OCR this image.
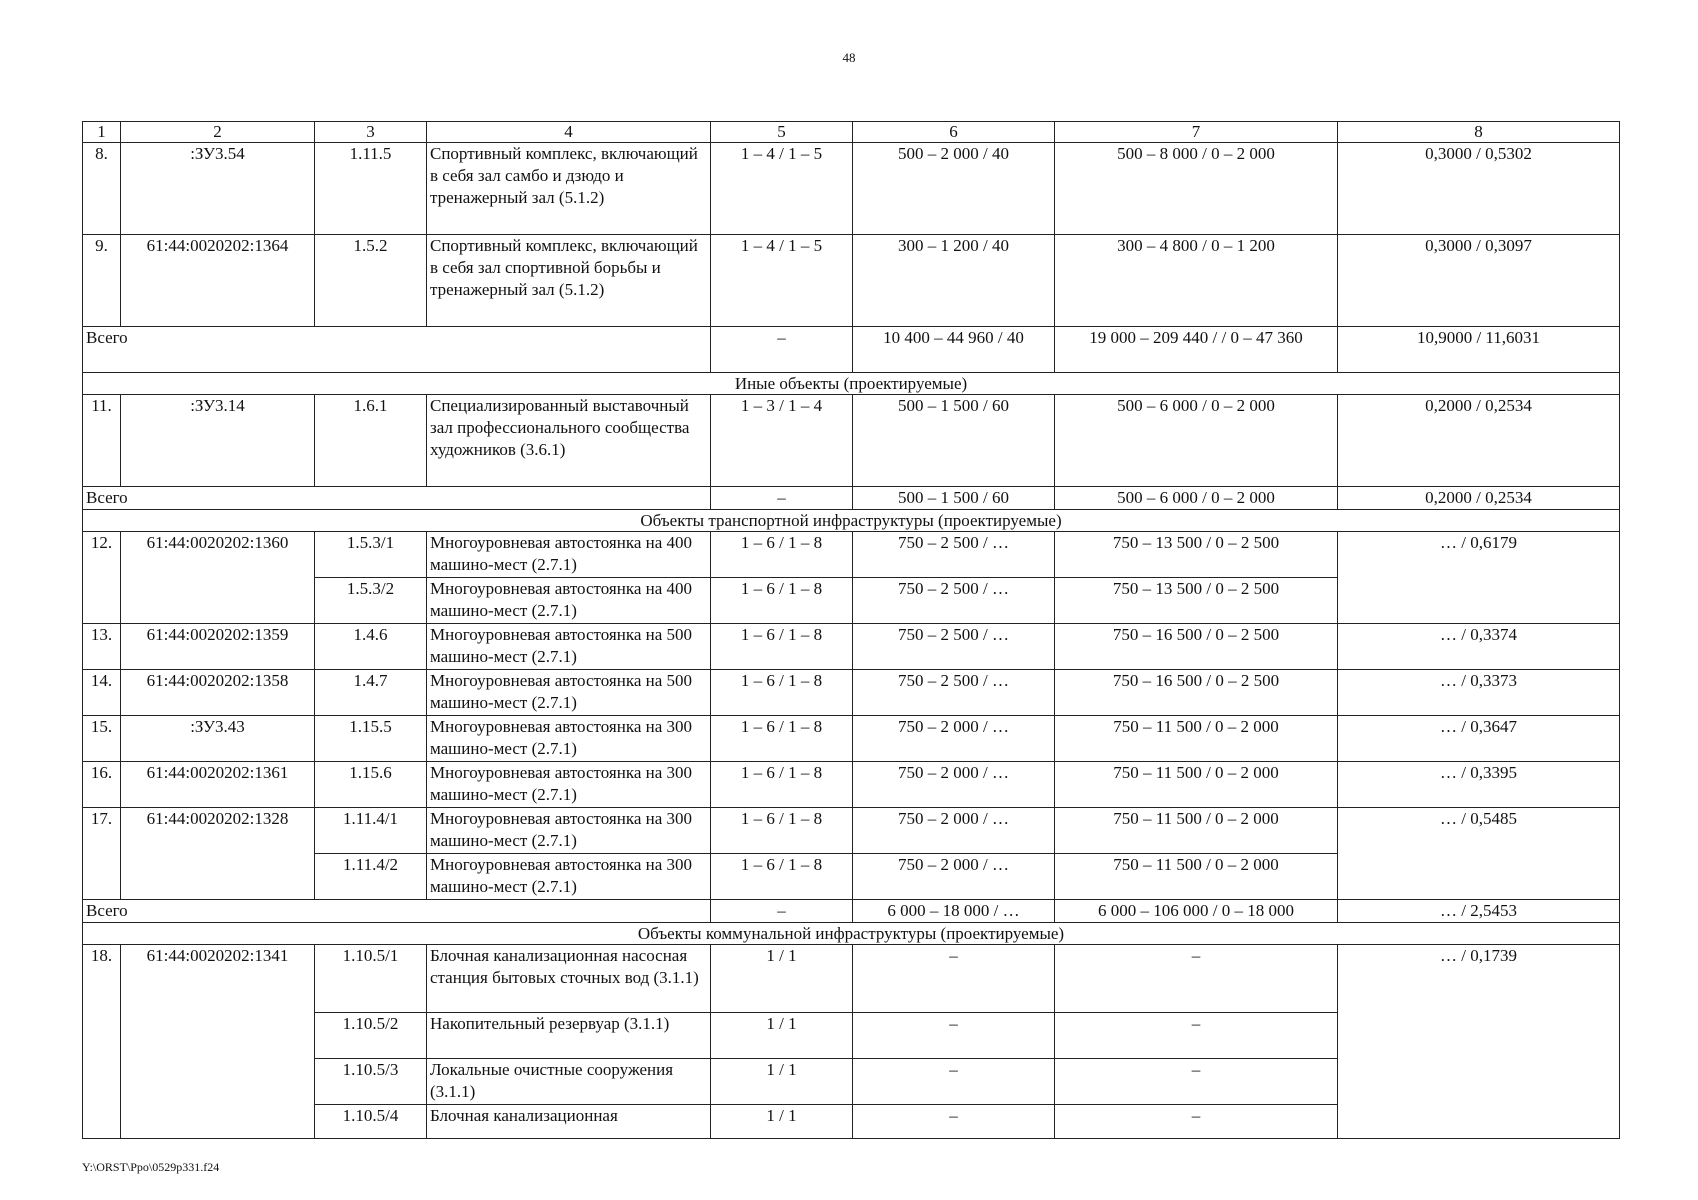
48
1	2	3	4	5	6	7	8
8.	:ЗУ3.54	1.11.5	Спортивный комплекс, включающий в себя зал самбо и дзюдо и тренажерный зал (5.1.2)	1 – 4 / 1 – 5	500 – 2 000 / 40	500 – 8 000 / 0 – 2 000	0,3000 / 0,5302
9.	61:44:0020202:1364	1.5.2	Спортивный комплекс, включающий в себя зал спортивной борьбы и тренажерный зал (5.1.2)	1 – 4 / 1 – 5	300 – 1 200 / 40	300 – 4 800 / 0 – 1 200	0,3000 / 0,3097
Всего				–	10 400 – 44 960 / 40	19 000 – 209 440 / / 0 – 47 360	10,9000 / 11,6031
Иные объекты (проектируемые)							
11.	:ЗУ3.14	1.6.1	Специализированный выставочный зал профессионального сообщества художников (3.6.1)	1 – 3 / 1 – 4	500 – 1 500 / 60	500 – 6 000 / 0 – 2 000	0,2000 / 0,2534
Всего				–	500 – 1 500 / 60	500 – 6 000 / 0 – 2 000	0,2000 / 0,2534
Объекты транспортной инфраструктуры (проектируемые)							
12.	61:44:0020202:1360	1.5.3/1	Многоуровневая автостоянка на 400 машино-мест (2.7.1)	1 – 6 / 1 – 8	750 – 2 500 / …	750 – 13 500 / 0 – 2 500	… / 0,6179
		1.5.3/2	Многоуровневая автостоянка на 400 машино-мест (2.7.1)	1 – 6 / 1 – 8	750 – 2 500 / …	750 – 13 500 / 0 – 2 500	
13.	61:44:0020202:1359	1.4.6	Многоуровневая автостоянка на 500 машино-мест (2.7.1)	1 – 6 / 1 – 8	750 – 2 500 / …	750 – 16 500 / 0 – 2 500	… / 0,3374
14.	61:44:0020202:1358	1.4.7	Многоуровневая автостоянка на 500 машино-мест (2.7.1)	1 – 6 / 1 – 8	750 – 2 500 / …	750 – 16 500 / 0 – 2 500	… / 0,3373
15.	:ЗУ3.43	1.15.5	Многоуровневая автостоянка на 300 машино-мест (2.7.1)	1 – 6 / 1 – 8	750 – 2 000 / …	750 – 11 500 / 0 – 2 000	… / 0,3647
16.	61:44:0020202:1361	1.15.6	Многоуровневая автостоянка на 300 машино-мест (2.7.1)	1 – 6 / 1 – 8	750 – 2 000 / …	750 – 11 500 / 0 – 2 000	… / 0,3395
17.	61:44:0020202:1328	1.11.4/1	Многоуровневая автостоянка на 300 машино-мест (2.7.1)	1 – 6 / 1 – 8	750 – 2 000 / …	750 – 11 500 / 0 – 2 000	… / 0,5485
		1.11.4/2	Многоуровневая автостоянка на 300 машино-мест (2.7.1)	1 – 6 / 1 – 8	750 – 2 000 / …	750 – 11 500 / 0 – 2 000	
Всего				–	6 000 – 18 000 / …	6 000 – 106 000 / 0 – 18 000	… / 2,5453
Объекты коммунальной инфраструктуры (проектируемые)							
18.	61:44:0020202:1341	1.10.5/1	Блочная канализационная насосная станция бытовых сточных вод (3.1.1)	1 / 1	–	–	… / 0,1739
		1.10.5/2	Накопительный резервуар (3.1.1)	1 / 1	–	–	
		1.10.5/3	Локальные очистные сооружения (3.1.1)	1 / 1	–	–	
		1.10.5/4	Блочная канализационная	1 / 1	–	–	
Y:\ORST\Ppo\0529p331.f24
